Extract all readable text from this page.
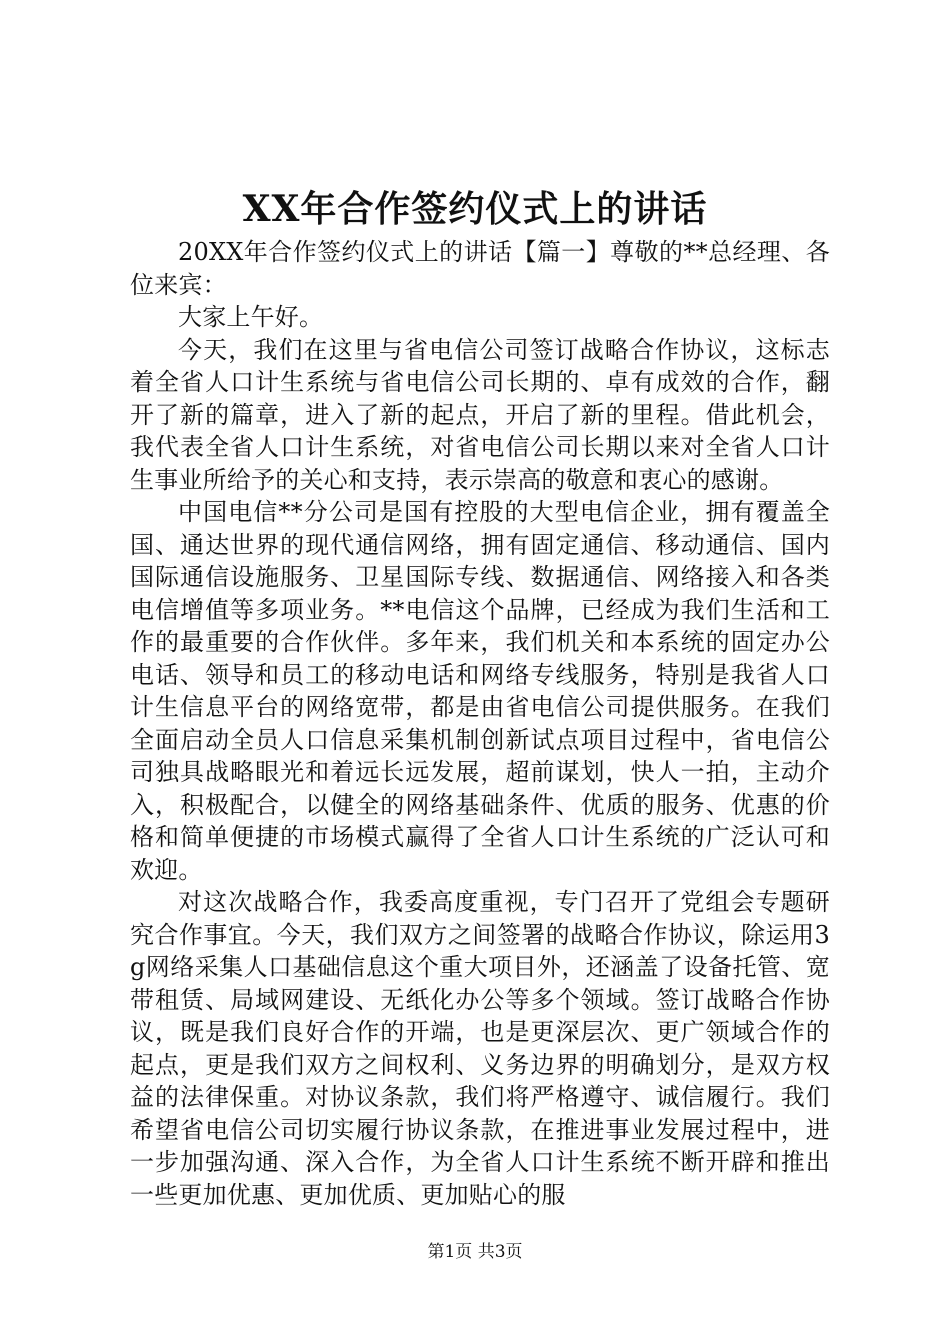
XX年合作签约仪式上的讲话

20XX年合作签约仪式上的讲话【篇一】尊敬的**总经理、各位来宾：

大家上午好。

今天，我们在这里与省电信公司签订战略合作协议，这标志着全省人口计生系统与省电信公司长期的、卓有成效的合作，翻开了新的篇章，进入了新的起点，开启了新的里程。借此机会，我代表全省人口计生系统，对省电信公司长期以来对全省人口计生事业所给予的关心和支持，表示崇高的敬意和衷心的感谢。

中国电信**分公司是国有控股的大型电信企业，拥有覆盖全国、通达世界的现代通信网络，拥有固定通信、移动通信、国内国际通信设施服务、卫星国际专线、数据通信、网络接入和各类电信增值等多项业务。**电信这个品牌，已经成为我们生活和工作的最重要的合作伙伴。多年来，我们机关和本系统的固定办公电话、领导和员工的移动电话和网络专线服务，特别是我省人口计生信息平台的网络宽带，都是由省电信公司提供服务。在我们全面启动全员人口信息采集机制创新试点项目过程中，省电信公司独具战略眼光和着远长远发展，超前谋划，快人一拍，主动介入，积极配合，以健全的网络基础条件、优质的服务、优惠的价格和简单便捷的市场模式赢得了全省人口计生系统的广泛认可和欢迎。

对这次战略合作，我委高度重视，专门召开了党组会专题研究合作事宜。今天，我们双方之间签署的战略合作协议，除运用3g网络采集人口基础信息这个重大项目外，还涵盖了设备托管、宽带租赁、局域网建设、无纸化办公等多个领域。签订战略合作协议，既是我们良好合作的开端，也是更深层次、更广领域合作的起点，更是我们双方之间权利、义务边界的明确划分，是双方权益的法律保重。对协议条款，我们将严格遵守、诚信履行。我们希望省电信公司切实履行协议条款，在推进事业发展过程中，进一步加强沟通、深入合作，为全省人口计生系统不断开辟和推出一些更加优惠、更加优质、更加贴心的服

第1页 共3页
